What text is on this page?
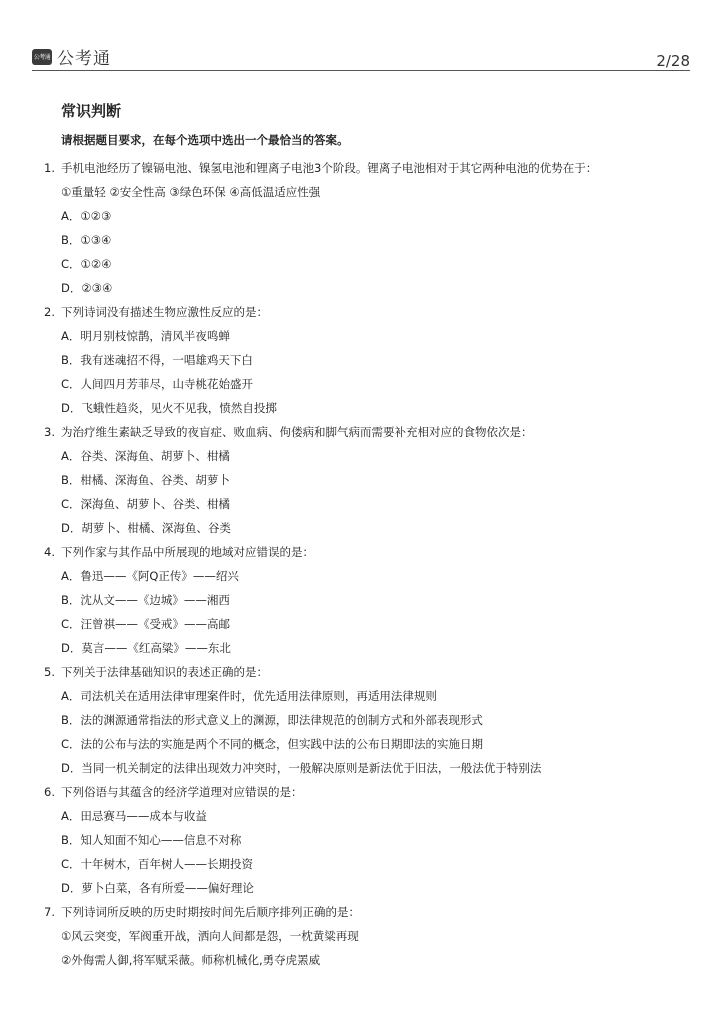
公考通 公考通	2/28
常识判断
请根据题目要求，在每个选项中选出一个最恰当的答案。
1. 手机电池经历了镍镉电池、镍氢电池和锂离子电池3个阶段。锂离子电池相对于其它两种电池的优势在于：
①重量轻 ②安全性高 ③绿色环保 ④高低温适应性强
A．①②③
B．①③④
C．①②④
D．②③④
2. 下列诗词没有描述生物应激性反应的是：
A．明月别枝惊鹊，清风半夜鸣蝉
B．我有迷魂招不得，一唱雄鸡天下白
C．人间四月芳菲尽，山寺桃花始盛开
D．飞蛾性趋炎，见火不见我，愤然自投掷
3. 为治疗维生素缺乏导致的夜盲症、败血病、佝偻病和脚气病而需要补充相对应的食物依次是：
A．谷类、深海鱼、胡萝卜、柑橘
B．柑橘、深海鱼、谷类、胡萝卜
C．深海鱼、胡萝卜、谷类、柑橘
D．胡萝卜、柑橘、深海鱼、谷类
4. 下列作家与其作品中所展现的地域对应错误的是：
A．鲁迅——《阿Q正传》——绍兴
B．沈从文——《边城》——湘西
C．汪曾祺——《受戒》——高邮
D．莫言——《红高粱》——东北
5. 下列关于法律基础知识的表述正确的是：
A．司法机关在适用法律审理案件时，优先适用法律原则，再适用法律规则
B．法的渊源通常指法的形式意义上的渊源，即法律规范的创制方式和外部表现形式
C．法的公布与法的实施是两个不同的概念，但实践中法的公布日期即法的实施日期
D．当同一机关制定的法律出现效力冲突时，一般解决原则是新法优于旧法，一般法优于特别法
6. 下列俗语与其蕴含的经济学道理对应错误的是：
A．田忌赛马——成本与收益
B．知人知面不知心——信息不对称
C．十年树木，百年树人——长期投资
D．萝卜白菜，各有所爱——偏好理论
7. 下列诗词所反映的历史时期按时间先后顺序排列正确的是：
①风云突变，军阀重开战，洒向人间都是怨，一枕黄粱再现
②外侮需人御,将军赋采薇。师称机械化,勇夺虎罴威
